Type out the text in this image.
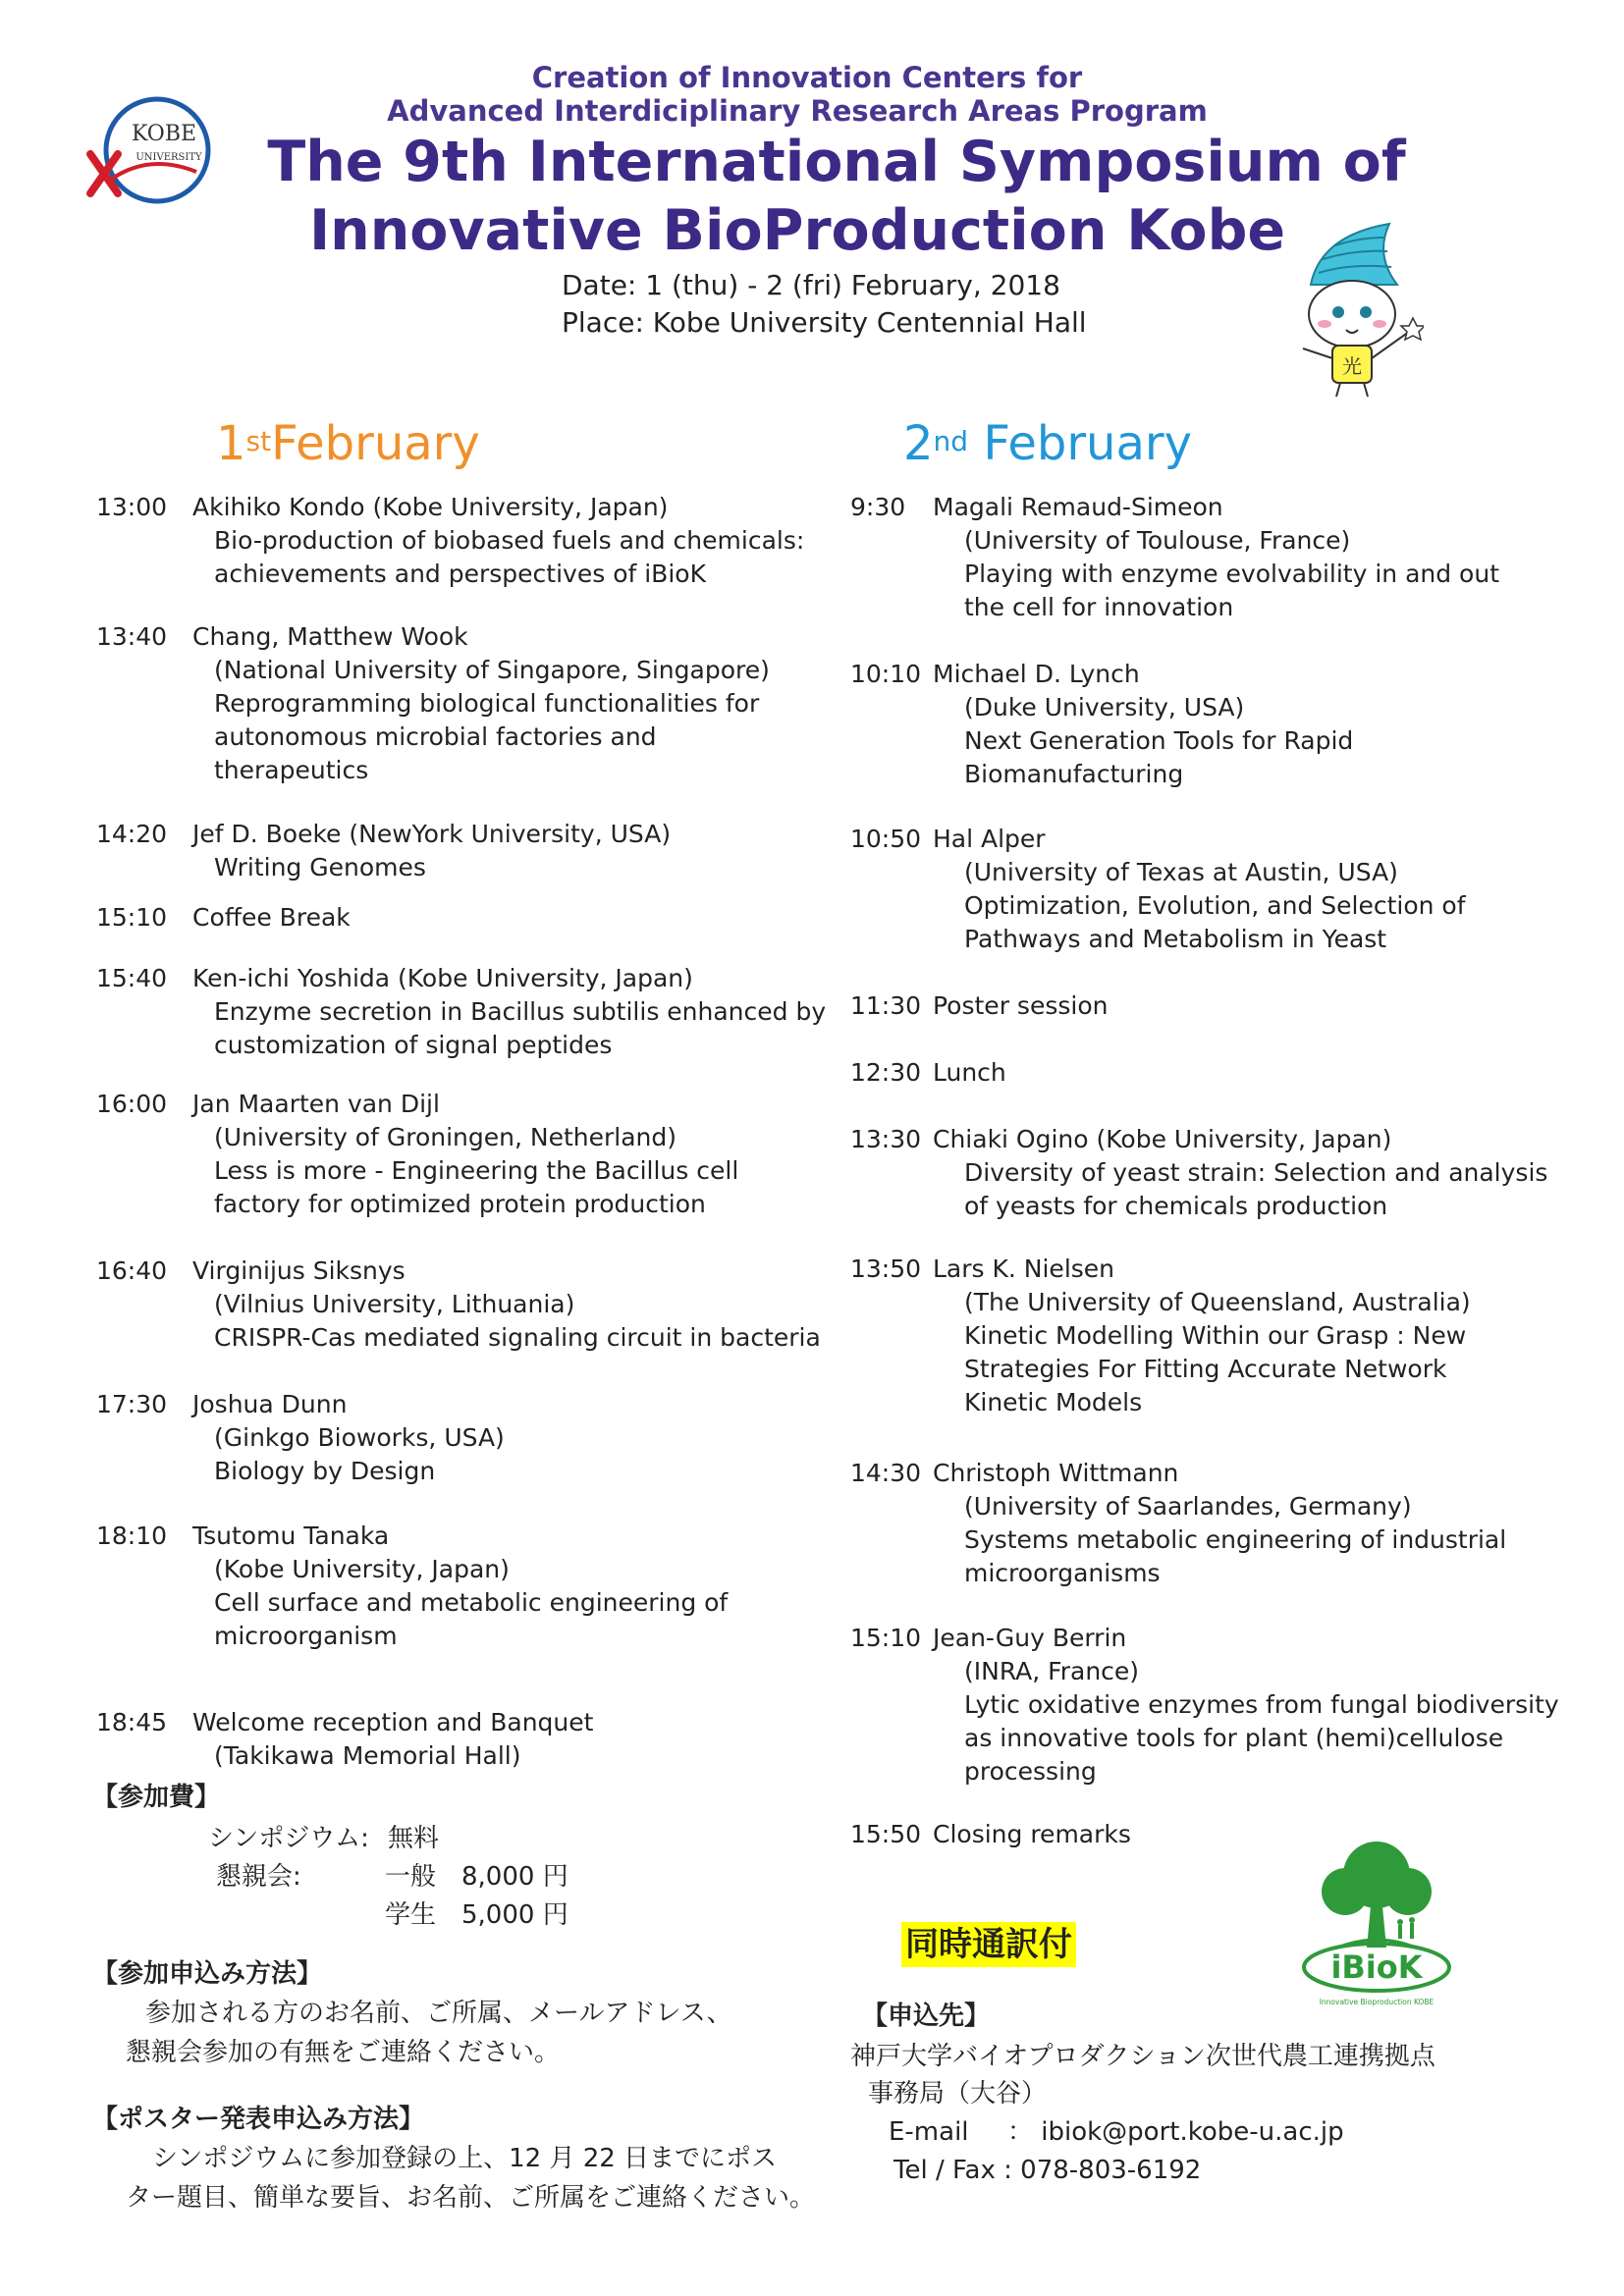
KOBE
UNIVERSITY
Creation of Innovation Centers for
Advanced Interdiciplinary Research Areas Program
The 9th International Symposium of
Innovative BioProduction Kobe
Date: 1 (thu) - 2 (fri) February, 2018
Place: Kobe University Centennial Hall
光
1stFebruary	2nd February
13:00 Akihiko Kondo (Kobe University, Japan)
Bio-production of biobased fuels and chemicals:
achievements and perspectives of iBioK
13:40 Chang, Matthew Wook
(National University of Singapore, Singapore)
Reprogramming biological functionalities for
autonomous microbial factories and
therapeutics
14:20 Jef D. Boeke (NewYork University, USA)
Writing Genomes
15:10 Coffee Break
15:40 Ken-ichi Yoshida (Kobe University, Japan)
Enzyme secretion in Bacillus subtilis enhanced by
customization of signal peptides
16:00 Jan Maarten van Dijl
(University of Groningen, Netherland)
Less is more - Engineering the Bacillus cell
factory for optimized protein production
16:40 Virginijus Siksnys
(Vilnius University, Lithuania)
CRISPR-Cas mediated signaling circuit in bacteria
17:30 Joshua Dunn
(Ginkgo Bioworks, USA)
Biology by Design
18:10 Tsutomu Tanaka
(Kobe University, Japan)
Cell surface and metabolic engineering of
microorganism
18:45 Welcome reception and Banquet
(Takikawa Memorial Hall)
9:30 Magali Remaud-Simeon
(University of Toulouse, France)
Playing with enzyme evolvability in and out
the cell for innovation
10:10 Michael D. Lynch
(Duke University, USA)
Next Generation Tools for Rapid
Biomanufacturing
10:50 Hal Alper
(University of Texas at Austin, USA)
Optimization, Evolution, and Selection of
Pathways and Metabolism in Yeast
11:30 Poster session
12:30 Lunch
13:30 Chiaki Ogino (Kobe University, Japan)
Diversity of yeast strain: Selection and analysis
of yeasts for chemicals production
13:50 Lars K. Nielsen
(The University of Queensland, Australia)
Kinetic Modelling Within our Grasp : New
Strategies For Fitting Accurate Network
Kinetic Models
14:30 Christoph Wittmann
(University of Saarlandes, Germany)
Systems metabolic engineering of industrial
microorganisms
15:10 Jean-Guy Berrin
(INRA, France)
Lytic oxidative enzymes from fungal biodiversity
as innovative tools for plant (hemi)cellulose
processing
15:50 Closing remarks
【参加費】
シンポジウム: 無料
懇親会:	一般　8,000 円
学生　5,000 円
【参加申込み方法】
参加される方のお名前、ご所属、メールアドレス、
懇親会参加の有無をご連絡ください。
【ポスター発表申込み方法】
シンポジウムに参加登録の上、12 月 22 日までにポス
ター題目、簡単な要旨、お名前、ご所属をご連絡ください。
同時通訳付
iBioK
Innovative Bioproduction KOBE
【申込先】
神戸大学バイオプロダクション次世代農工連携拠点
事務局（大谷）
E-mail ： ibiok@port.kobe-u.ac.jp
Tel / Fax : 078-803-6192
